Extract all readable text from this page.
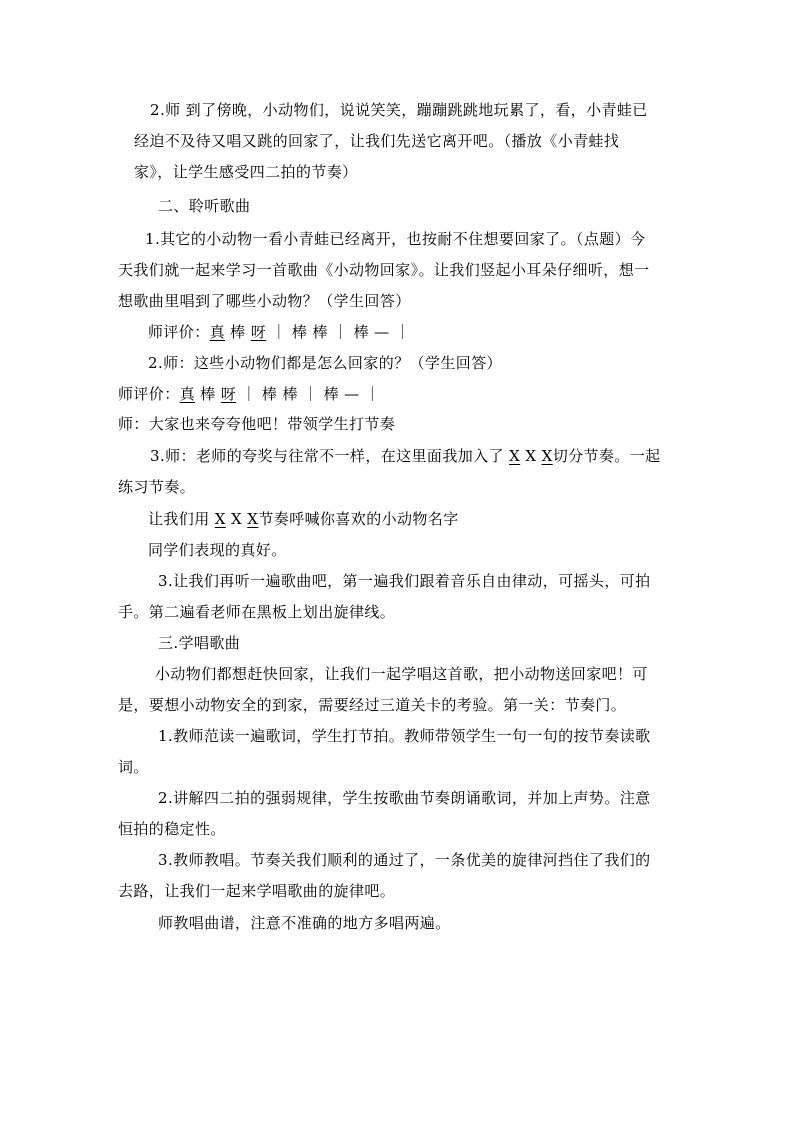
2.师 到了傍晚，小动物们，说说笑笑，蹦蹦跳跳地玩累了，看，小青蛙已
经迫不及待又唱又跳的回家了，让我们先送它离开吧。（播放《小青蛙找
家》，让学生感受四二拍的节奏）
二、聆听歌曲
1.其它的小动物一看小青蛙已经离开，也按耐不住想要回家了。（点题）今
天我们就一起来学习一首歌曲《小动物回家》。让我们竖起小耳朵仔细听，想一
想歌曲里唱到了哪些小动物？（学生回答）
师评价：真 棒 呀 ｜ 棒 棒 ｜ 棒 — ｜
2.师：这些小动物们都是怎么回家的？（学生回答）
师评价：真 棒 呀 ｜ 棒 棒 ｜ 棒 — ｜
师：大家也来夸夸他吧！带领学生打节奏
3.师：老师的夸奖与往常不一样，在这里面我加入了 X X X切分节奏。一起
练习节奏。
让我们用 X X X节奏呼喊你喜欢的小动物名字
同学们表现的真好。
3.让我们再听一遍歌曲吧，第一遍我们跟着音乐自由律动，可摇头，可拍
手。第二遍看老师在黑板上划出旋律线。
三.学唱歌曲
小动物们都想赶快回家，让我们一起学唱这首歌，把小动物送回家吧！可
是，要想小动物安全的到家，需要经过三道关卡的考验。第一关：节奏门。
1.教师范读一遍歌词，学生打节拍。教师带领学生一句一句的按节奏读歌
词。
2.讲解四二拍的强弱规律，学生按歌曲节奏朗诵歌词，并加上声势。注意
恒拍的稳定性。
3.教师教唱。节奏关我们顺利的通过了，一条优美的旋律河挡住了我们的
去路，让我们一起来学唱歌曲的旋律吧。
师教唱曲谱，注意不准确的地方多唱两遍。
